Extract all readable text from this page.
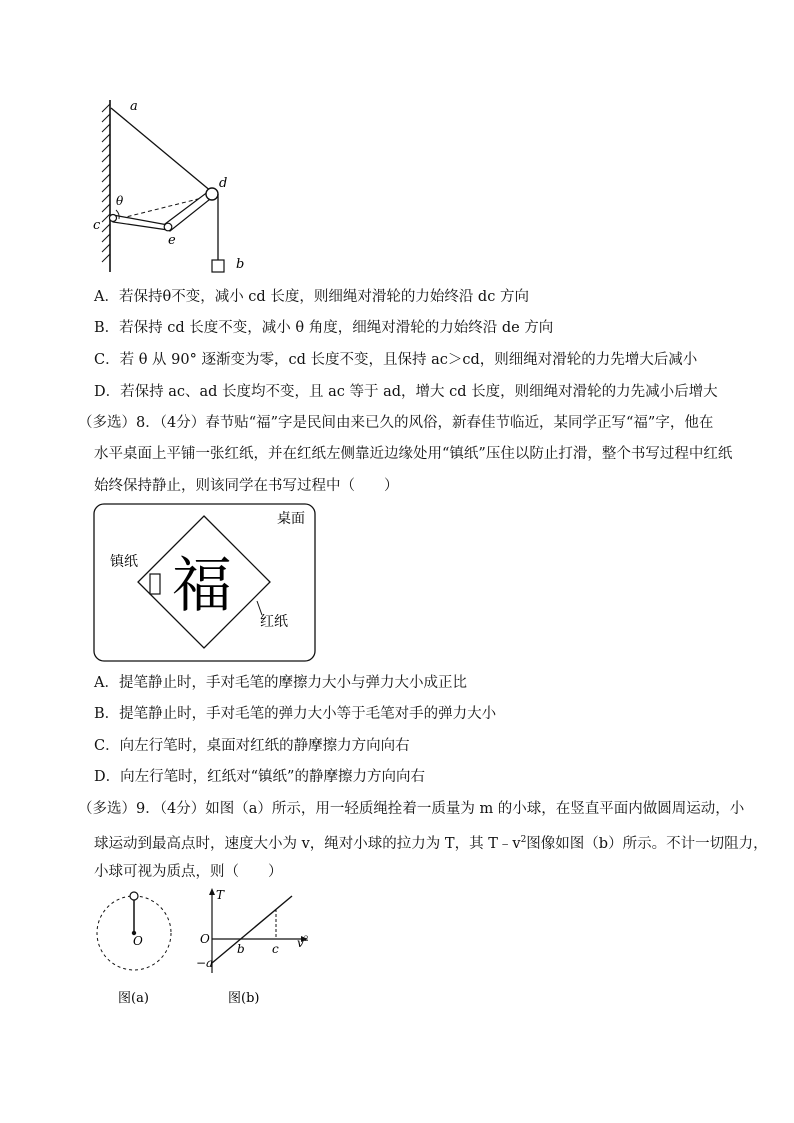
a
b
c
d
e
θ
A．若保持θ不变，减小 cd 长度，则细绳对滑轮的力始终沿 dc 方向
B．若保持 cd 长度不变，减小 θ 角度，细绳对滑轮的力始终沿 de 方向
C．若 θ 从 90° 逐渐变为零，cd 长度不变，且保持 ac＞cd，则细绳对滑轮的力先增大后减小
D．若保持 ac、ad 长度均不变，且 ac 等于 ad，增大 cd 长度，则细绳对滑轮的力先减小后增大
（多选）8．（4分）春节贴“福”字是民间由来已久的风俗，新春佳节临近，某同学正写“福”字，他在
水平桌面上平铺一张红纸，并在红纸左侧靠近边缘处用“镇纸”压住以防止打滑，整个书写过程中红纸
始终保持静止，则该同学在书写过程中（　　）
桌面
镇纸 福
红纸
A．提笔静止时，手对毛笔的摩擦力大小与弹力大小成正比
B．提笔静止时，手对毛笔的弹力大小等于毛笔对手的弹力大小
C．向左行笔时，桌面对红纸的静摩擦力方向向右
D．向左行笔时，红纸对“镇纸”的静摩擦力方向向右
（多选）9．（4分）如图（a）所示，用一轻质绳拴着一质量为 m 的小球，在竖直平面内做圆周运动，小
球运动到最高点时，速度大小为 v，绳对小球的拉力为 T，其 $T﹣v^2$图像如图（b）所示。不计一切阻力，
小球可视为质点，则（　　）
O
图(a)
T
O
−a
b c v 2
图(b)
